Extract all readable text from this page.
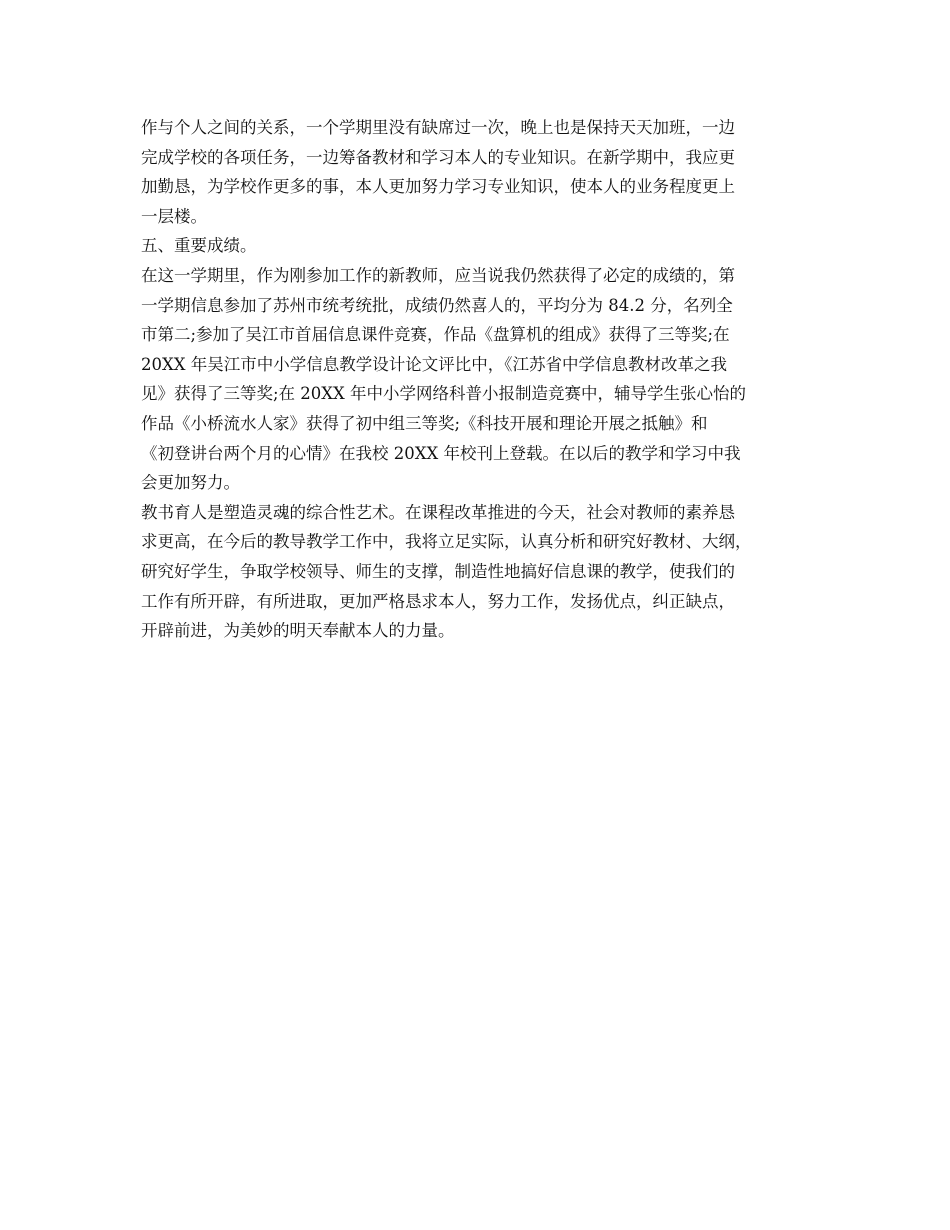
作与个人之间的关系，一个学期里没有缺席过一次，晚上也是保持天天加班，一边
完成学校的各项任务，一边筹备教材和学习本人的专业知识。在新学期中，我应更
加勤恳，为学校作更多的事，本人更加努力学习专业知识，使本人的业务程度更上
一层楼。
五、重要成绩。
在这一学期里，作为刚参加工作的新教师，应当说我仍然获得了必定的成绩的，第
一学期信息参加了苏州市统考统批，成绩仍然喜人的，平均分为 84.2 分，名列全
市第二;参加了吴江市首届信息课件竞赛，作品《盘算机的组成》获得了三等奖;在
20XX 年吴江市中小学信息教学设计论文评比中，《江苏省中学信息教材改革之我
见》获得了三等奖;在 20XX 年中小学网络科普小报制造竞赛中，辅导学生张心怡的
作品《小桥流水人家》获得了初中组三等奖;《科技开展和理论开展之抵触》和
《初登讲台两个月的心情》在我校 20XX 年校刊上登载。在以后的教学和学习中我
会更加努力。
教书育人是塑造灵魂的综合性艺术。在课程改革推进的今天，社会对教师的素养恳
求更高，在今后的教导教学工作中，我将立足实际，认真分析和研究好教材、大纲，
研究好学生，争取学校领导、师生的支撑，制造性地搞好信息课的教学，使我们的
工作有所开辟，有所进取，更加严格恳求本人，努力工作，发扬优点，纠正缺点，
开辟前进，为美妙的明天奉献本人的力量。
